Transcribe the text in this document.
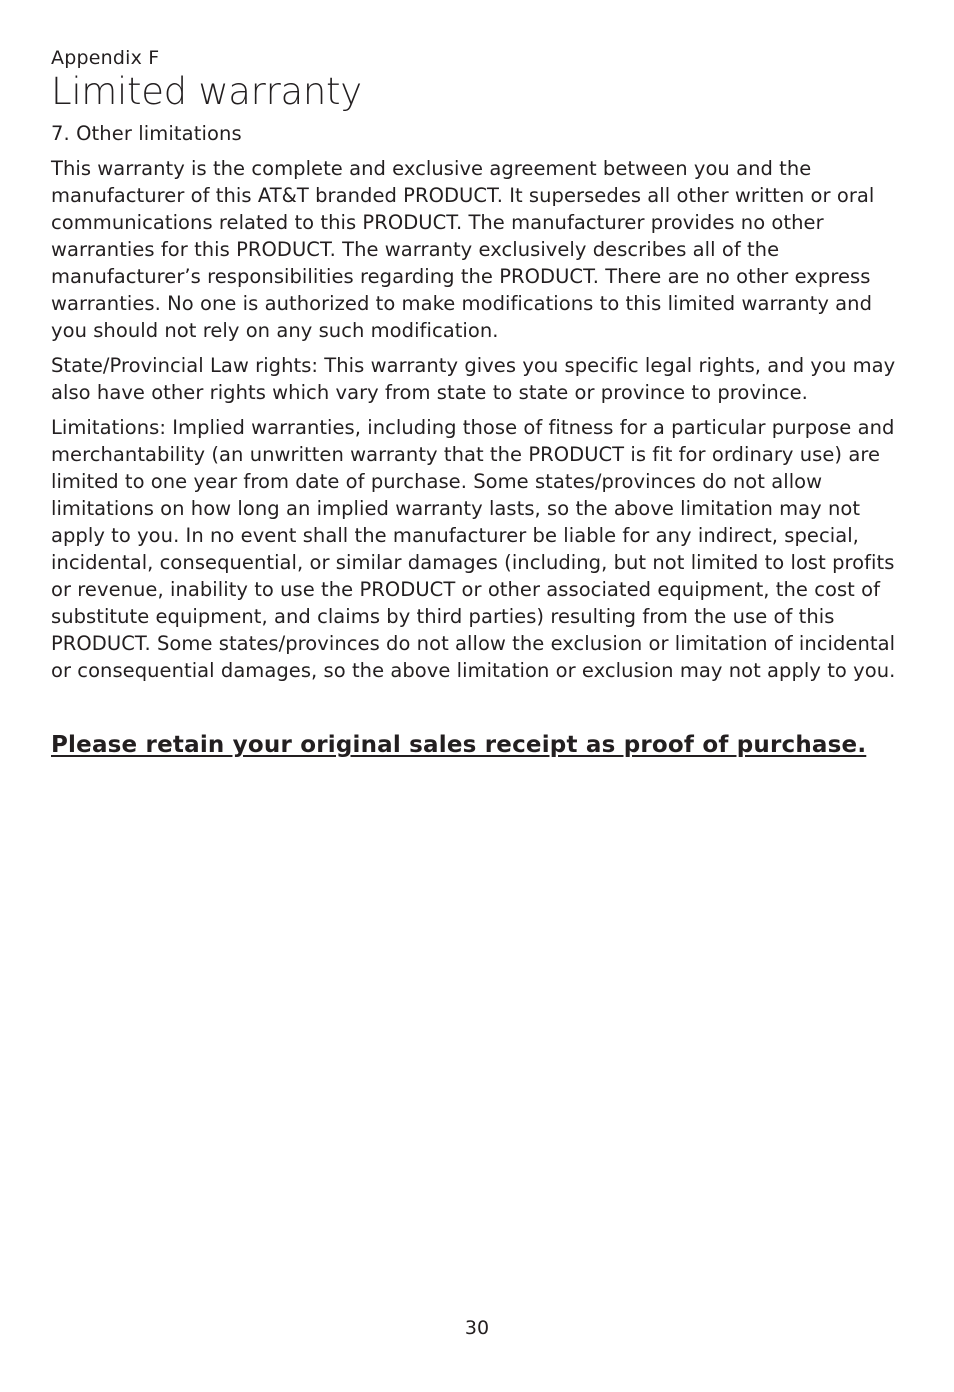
Appendix F

Limited warranty
7. Other limitations

This warranty is the complete and exclusive agreement between you and the manufacturer of this AT&T branded PRODUCT. It supersedes all other written or oral communications related to this PRODUCT. The manufacturer provides no other warranties for this PRODUCT. The warranty exclusively describes all of the manufacturer’s responsibilities regarding the PRODUCT. There are no other express warranties. No one is authorized to make modifications to this limited warranty and you should not rely on any such modification.

State/Provincial Law rights: This warranty gives you specific legal rights, and you may also have other rights which vary from state to state or province to province.

Limitations: Implied warranties, including those of fitness for a particular purpose and merchantability (an unwritten warranty that the PRODUCT is fit for ordinary use) are limited to one year from date of purchase. Some states/provinces do not allow limitations on how long an implied warranty lasts, so the above limitation may not apply to you. In no event shall the manufacturer be liable for any indirect, special, incidental, consequential, or similar damages (including, but not limited to lost profits or revenue, inability to use the PRODUCT or other associated equipment, the cost of substitute equipment, and claims by third parties) resulting from the use of this PRODUCT. Some states/provinces do not allow the exclusion or limitation of incidental or consequential damages, so the above limitation or exclusion may not apply to you.

Please retain your original sales receipt as proof of purchase.
30
